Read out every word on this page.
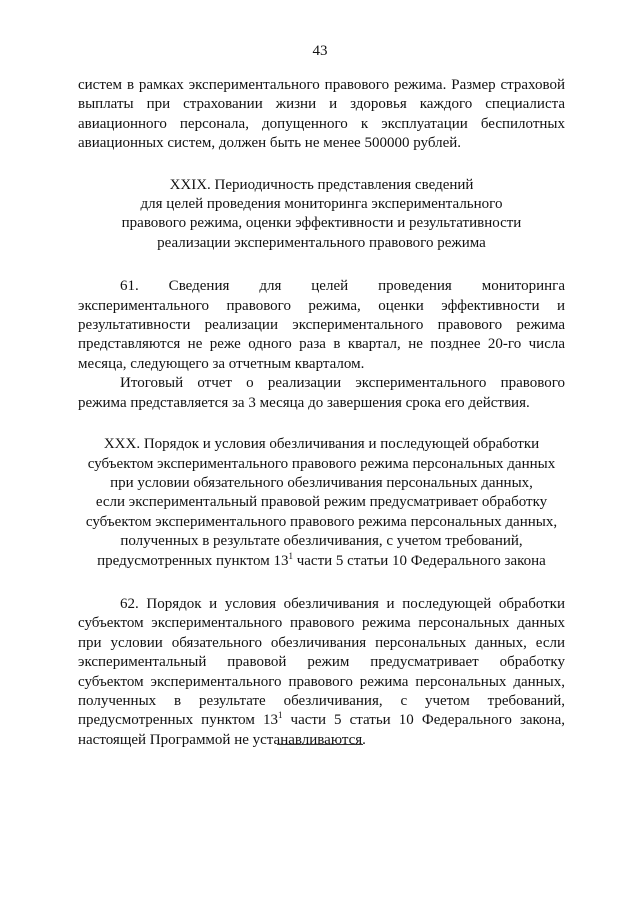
43

систем в рамках экспериментального правового режима. Размер страховой выплаты при страховании жизни и здоровья каждого специалиста авиационного персонала, допущенного к эксплуатации беспилотных авиационных систем, должен быть не менее 500000 рублей.

XXIX. Периодичность представления сведений
для целей проведения мониторинга экспериментального
правового режима, оценки эффективности и результативности
реализации экспериментального правового режима

61. Сведения для целей проведения мониторинга экспериментального правового режима, оценки эффективности и результативности реализации экспериментального правового режима представляются не реже одного раза в квартал, не позднее 20-го числа месяца, следующего за отчетным кварталом.

Итоговый отчет о реализации экспериментального правового режима представляется за 3 месяца до завершения срока его действия.

XXX. Порядок и условия обезличивания и последующей обработки
субъектом экспериментального правового режима персональных данных
при условии обязательного обезличивания персональных данных,
если экспериментальный правовой режим предусматривает обработку
субъектом экспериментального правового режима персональных данных,
полученных в результате обезличивания, с учетом требований,
предусмотренных пунктом $13^1$ части 5 статьи 10 Федерального закона

62. Порядок и условия обезличивания и последующей обработки субъектом экспериментального правового режима персональных данных при условии обязательного обезличивания персональных данных, если экспериментальный правовой режим предусматривает обработку субъектом экспериментального правового режима персональных данных, полученных в результате обезличивания, с учетом требований, предусмотренных пунктом $13^1$ части 5 статьи 10 Федерального закона, настоящей Программой не устанавливаются.
